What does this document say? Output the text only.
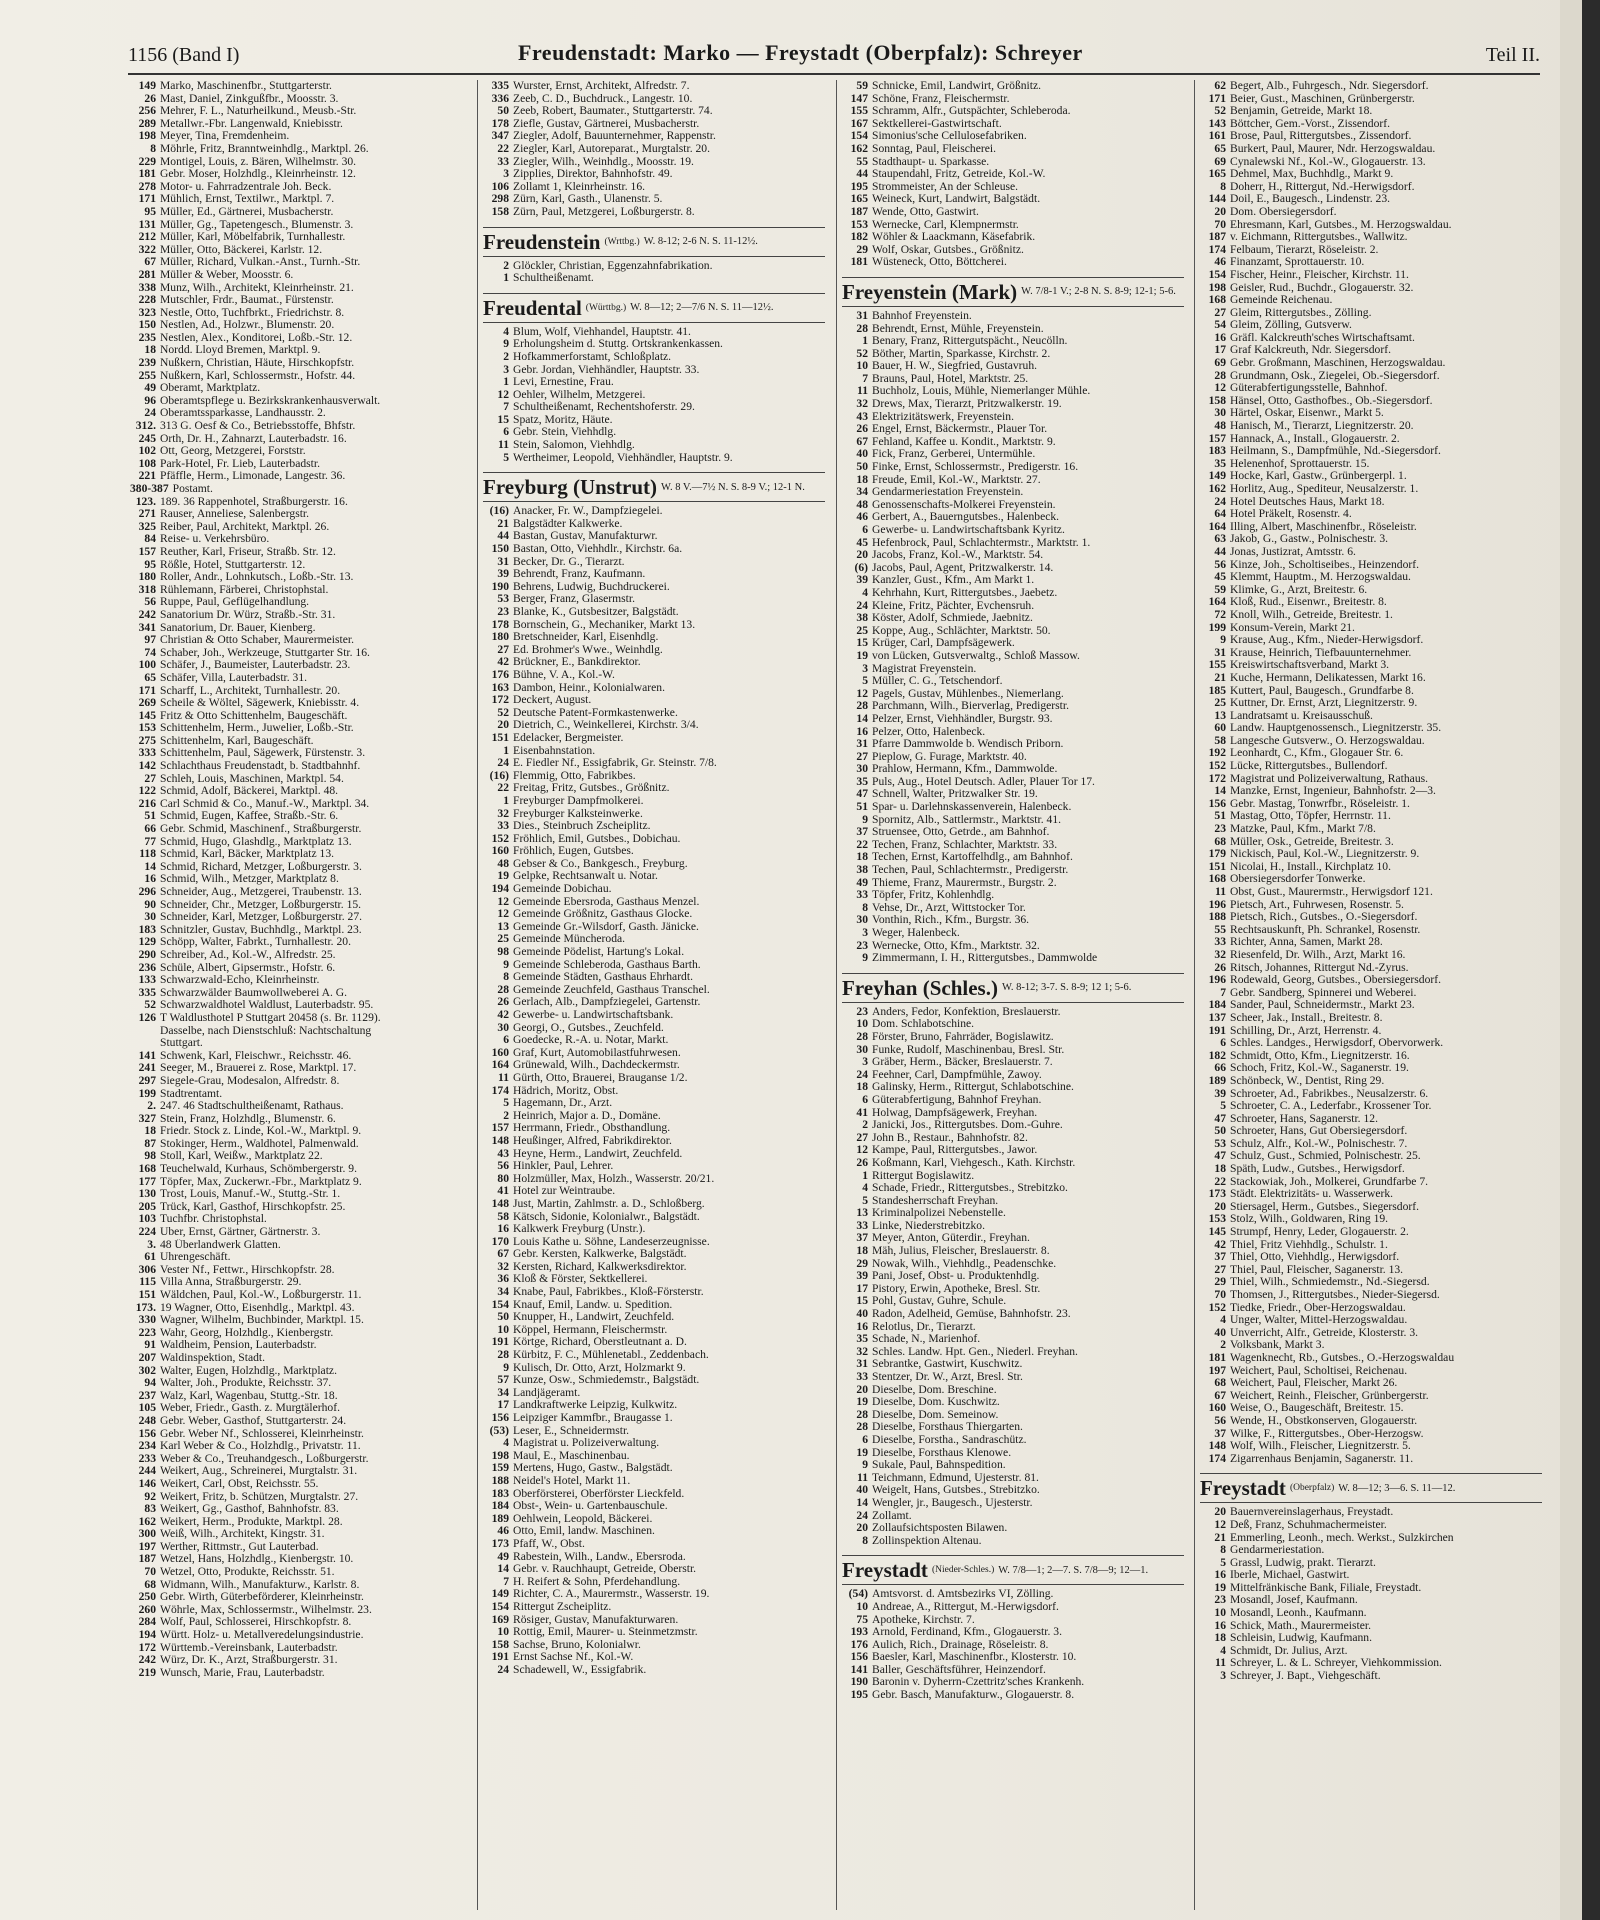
1156 (Band I)	Freudenstadt: Marko — Freystadt (Oberpfalz): Schreyer	Teil II.
149 Marko, Maschinenfbr., Stuttgarterstr.
26 Mast, Daniel, Zinkgußfbr., Moosstr. 3.
256 Mehrer, F. L., Naturheilkund., Meusb.-Str.
289 Metallwr.-Fbr. Langenwald, Kniebisstr.
198 Meyer, Tina, Fremdenheim.
8 Möhrle, Fritz, Branntweinhdlg., Marktpl. 26.
229 Montigel, Louis, z. Bären, Wilhelmstr. 30.
181 Gebr. Moser, Holzhdlg., Kleinrheinstr. 12.
278 Motor- u. Fahrradzentrale Joh. Beck.
171 Mühlich, Ernst, Textilwr., Marktpl. 7.
95 Müller, Ed., Gärtnerei, Musbacherstr.
131 Müller, Gg., Tapetengesch., Blumenstr. 3.
212 Müller, Karl, Möbelfabrik, Turnhallestr.
322 Müller, Otto, Bäckerei, Karlstr. 12.
67 Müller, Richard, Vulkan.-Anst., Turnh.-Str.
281 Müller & Weber, Moosstr. 6.
338 Munz, Wilh., Architekt, Kleinrheinstr. 21.
228 Mutschler, Frdr., Baumat., Fürstenstr.
323 Nestle, Otto, Tuchfbrkt., Friedrichstr. 8.
150 Nestlen, Ad., Holzwr., Blumenstr. 20.
235 Nestlen, Alex., Konditorei, Loßb.-Str. 12.
18 Nordd. Lloyd Bremen, Marktpl. 9.
239 Nußkern, Christian, Häute, Hirschkopfstr.
255 Nußkern, Karl, Schlossermstr., Hofstr. 44.
49 Oberamt, Marktplatz.
96 Oberamtspflege u. Bezirkskrankenhausverwalt.
24 Oberamtssparkasse, Landhausstr. 2.
312. 313 G. Oesf & Co., Betriebsstoffe, Bhfstr.
245 Orth, Dr. H., Zahnarzt, Lauterbadstr. 16.
102 Ott, Georg, Metzgerei, Forststr.
108 Park-Hotel, Fr. Lieb, Lauterbadstr.
221 Pfäffle, Herm., Limonade, Langestr. 36.
380-387 Postamt.
123. 189. 36 Rappenhotel, Straßburgerstr. 16.
271 Rauser, Anneliese, Salenbergstr.
325 Reiber, Paul, Architekt, Marktpl. 26.
84 Reise- u. Verkehrsbüro.
157 Reuther, Karl, Friseur, Straßb. Str. 12.
95 Rößle, Hotel, Stuttgarterstr. 12.
180 Roller, Andr., Lohnkutsch., Loßb.-Str. 13.
318 Rühlemann, Färberei, Christophstal.
56 Ruppe, Paul, Geflügelhandlung.
242 Sanatorium Dr. Würz, Straßb.-Str. 31.
341 Sanatorium, Dr. Bauer, Kienberg.
97 Christian & Otto Schaber, Maurermeister.
74 Schaber, Joh., Werkzeuge, Stuttgarter Str. 16.
100 Schäfer, J., Baumeister, Lauterbadstr. 23.
65 Schäfer, Villa, Lauterbadstr. 31.
171 Scharff, L., Architekt, Turnhallestr. 20.
269 Scheile & Wöltel, Sägewerk, Kniebisstr. 4.
145 Fritz & Otto Schittenhelm, Baugeschäft.
153 Schittenhelm, Herm., Juwelier, Loßb.-Str.
275 Schittenhelm, Karl, Baugeschäft.
333 Schittenhelm, Paul, Sägewerk, Fürstenstr. 3.
142 Schlachthaus Freudenstadt, b. Stadtbahnhf.
27 Schleh, Louis, Maschinen, Marktpl. 54.
122 Schmid, Adolf, Bäckerei, Marktpl. 48.
216 Carl Schmid & Co., Manuf.-W., Marktpl. 34.
51 Schmid, Eugen, Kaffee, Straßb.-Str. 6.
66 Gebr. Schmid, Maschinenf., Straßburgerstr.
77 Schmid, Hugo, Glashdlg., Marktplatz 13.
118 Schmid, Karl, Bäcker, Marktplatz 13.
14 Schmid, Richard, Metzger, Loßburgerstr. 3.
16 Schmid, Wilh., Metzger, Marktplatz 8.
296 Schneider, Aug., Metzgerei, Traubenstr. 13.
90 Schneider, Chr., Metzger, Loßburgerstr. 15.
30 Schneider, Karl, Metzger, Loßburgerstr. 27.
183 Schnitzler, Gustav, Buchhdlg., Marktpl. 23.
129 Schöpp, Walter, Fabrkt., Turnhallestr. 20.
290 Schreiber, Ad., Kol.-W., Alfredstr. 25.
236 Schüle, Albert, Gipsermstr., Hofstr. 6.
133 Schwarzwald-Echo, Kleinrheinstr.
335 Schwarzwälder Baumwollweberei A. G.
52 Schwarzwaldhotel Waldlust, Lauterbadstr. 95.
126 T Waldlusthotel P Stuttgart 20458 (s. Br. 1129).
Dasselbe, nach Dienstschluß: Nachtschaltung
Stuttgart.
141 Schwenk, Karl, Fleischwr., Reichsstr. 46.
241 Seeger, M., Brauerei z. Rose, Marktpl. 17.
297 Siegele-Grau, Modesalon, Alfredstr. 8.
199 Stadtrentamt.
2. 247. 46 Stadtschultheißenamt, Rathaus.
327 Stein, Franz, Holzhdlg., Blumenstr. 6.
18 Friedr. Stock z. Linde, Kol.-W., Marktpl. 9.
87 Stokinger, Herm., Waldhotel, Palmenwald.
98 Stoll, Karl, Weißw., Marktplatz 22.
168 Teuchelwald, Kurhaus, Schömbergerstr. 9.
177 Töpfer, Max, Zuckerwr.-Fbr., Marktplatz 9.
130 Trost, Louis, Manuf.-W., Stuttg.-Str. 1.
205 Trück, Karl, Gasthof, Hirschkopfstr. 25.
103 Tuchfbr. Christophstal.
224 Uber, Ernst, Gärtner, Gärtnerstr. 3.
3. 48 Überlandwerk Glatten.
61 Uhrengeschäft.
306 Vester Nf., Fettwr., Hirschkopfstr. 28.
115 Villa Anna, Straßburgerstr. 29.
151 Wäldchen, Paul, Kol.-W., Loßburgerstr. 11.
173. 19 Wagner, Otto, Eisenhdlg., Marktpl. 43.
330 Wagner, Wilhelm, Buchbinder, Marktpl. 15.
223 Wahr, Georg, Holzhdlg., Kienbergstr.
91 Waldheim, Pension, Lauterbadstr.
207 Waldinspektion, Stadt.
302 Walter, Eugen, Holzhdlg., Marktplatz.
94 Walter, Joh., Produkte, Reichsstr. 37.
237 Walz, Karl, Wagenbau, Stuttg.-Str. 18.
105 Weber, Friedr., Gasth. z. Murgtälerhof.
248 Gebr. Weber, Gasthof, Stuttgarterstr. 24.
156 Gebr. Weber Nf., Schlosserei, Kleinrheinstr.
234 Karl Weber & Co., Holzhdlg., Privatstr. 11.
233 Weber & Co., Treuhandgesch., Loßburgerstr.
244 Weikert, Aug., Schreinerei, Murgtalstr. 31.
146 Weikert, Carl, Obst, Reichsstr. 55.
92 Weikert, Fritz, b. Schützen, Murgtalstr. 27.
83 Weikert, Gg., Gasthof, Bahnhofstr. 83.
162 Weikert, Herm., Produkte, Marktpl. 28.
300 Weiß, Wilh., Architekt, Kingstr. 31.
197 Werther, Rittmstr., Gut Lauterbad.
187 Wetzel, Hans, Holzhdlg., Kienbergstr. 10.
70 Wetzel, Otto, Produkte, Reichsstr. 51.
68 Widmann, Wilh., Manufakturw., Karlstr. 8.
250 Gebr. Wirth, Güterbeförderer, Kleinrheinstr.
260 Wöhrle, Max, Schlossermstr., Wilhelmstr. 23.
284 Wolf, Paul, Schlosserei, Hirschkopfstr. 8.
194 Württ. Holz- u. Metallveredelungsindustrie.
172 Württemb.-Vereinsbank, Lauterbadstr.
242 Würz, Dr. K., Arzt, Straßburgerstr. 31.
219 Wunsch, Marie, Frau, Lauterbadstr.
335 Wurster, Ernst, Architekt, Alfredstr. 7.
336 Zeeb, C. D., Buchdruck., Langestr. 10.
50 Zeeb, Robert, Baumater., Stuttgarterstr. 74.
178 Ziefle, Gustav, Gärtnerei, Musbacherstr.
347 Ziegler, Adolf, Bauunternehmer, Rappenstr.
22 Ziegler, Karl, Autoreparat., Murgtalstr. 20.
33 Ziegler, Wilh., Weinhdlg., Moosstr. 19.
3 Zipplies, Direktor, Bahnhofstr. 49.
106 Zollamt 1, Kleinrheinstr. 16.
298 Zürn, Karl, Gasth., Ulanenstr. 5.
158 Zürn, Paul, Metzgerei, Loßburgerstr. 8.
Freudenstein (Wrttbg.) W. 8-12; 2-6 N. S. 11-12½.
2 Glöckler, Christian, Eggenzahnfabrikation.
1 Schultheißenamt.
Freudental (Württbg.) W. 8—12; 2—7/6 N. S. 11—12½.
4 Blum, Wolf, Viehhandel, Hauptstr. 41.
9 Erholungsheim d. Stuttg. Ortskrankenkassen.
2 Hofkammerforstamt, Schloßplatz.
3 Gebr. Jordan, Viehhändler, Hauptstr. 33.
1 Levi, Ernestine, Frau.
12 Oehler, Wilhelm, Metzgerei.
7 Schultheißenamt, Rechentshoferstr. 29.
15 Spatz, Moritz, Häute.
6 Gebr. Stein, Viehhdlg.
11 Stein, Salomon, Viehhdlg.
5 Wertheimer, Leopold, Viehhändler, Hauptstr. 9.
Freyburg (Unstrut) W. 8 V.—7½ N. S. 8-9 V.; 12-1 N.
(16) Anacker, Fr. W., Dampfziegelei.
21 Balgstädter Kalkwerke.
44 Bastan, Gustav, Manufakturwr.
150 Bastan, Otto, Viehhdlr., Kirchstr. 6a.
31 Becker, Dr. G., Tierarzt.
39 Behrendt, Franz, Kaufmann.
190 Behrens, Ludwig, Buchdruckerei.
53 Berger, Franz, Glasermstr.
23 Blanke, K., Gutsbesitzer, Balgstädt.
178 Bornschein, G., Mechaniker, Markt 13.
180 Bretschneider, Karl, Eisenhdlg.
27 Ed. Brohmer's Wwe., Weinhdlg.
42 Brückner, E., Bankdirektor.
176 Bühne, V. A., Kol.-W.
163 Dambon, Heinr., Kolonialwaren.
172 Deckert, August.
52 Deutsche Patent-Formkastenwerke.
20 Dietrich, C., Weinkellerei, Kirchstr. 3/4.
151 Edelacker, Bergmeister.
1 Eisenbahnstation.
24 E. Fiedler Nf., Essigfabrik, Gr. Steinstr. 7/8.
(16) Flemmig, Otto, Fabrikbes.
22 Freitag, Fritz, Gutsbes., Größnitz.
1 Freyburger Dampfmolkerei.
32 Freyburger Kalksteinwerke.
33 Dies., Steinbruch Zscheiplitz.
152 Fröhlich, Emil, Gutsbes., Dobichau.
160 Fröhlich, Eugen, Gutsbes.
48 Gebser & Co., Bankgesch., Freyburg.
19 Gelpke, Rechtsanwalt u. Notar.
194 Gemeinde Dobichau.
12 Gemeinde Ebersroda, Gasthaus Menzel.
12 Gemeinde Größnitz, Gasthaus Glocke.
13 Gemeinde Gr.-Wilsdorf, Gasth. Jänicke.
25 Gemeinde Müncheroda.
98 Gemeinde Pödelist, Hartung's Lokal.
9 Gemeinde Schleberoda, Gasthaus Barth.
8 Gemeinde Städten, Gasthaus Ehrhardt.
28 Gemeinde Zeuchfeld, Gasthaus Transchel.
26 Gerlach, Alb., Dampfziegelei, Gartenstr.
42 Gewerbe- u. Landwirtschaftsbank.
30 Georgi, O., Gutsbes., Zeuchfeld.
6 Goedecke, R.-A. u. Notar, Markt.
160 Graf, Kurt, Automobilastfuhrwesen.
164 Grünewald, Wilh., Dachdeckermstr.
11 Gürth, Otto, Brauerei, Brauganse 1/2.
174 Hädrich, Moritz, Obst.
5 Hagemann, Dr., Arzt.
2 Heinrich, Major a. D., Domäne.
157 Herrmann, Friedr., Obsthandlung.
148 Heußinger, Alfred, Fabrikdirektor.
43 Heyne, Herm., Landwirt, Zeuchfeld.
56 Hinkler, Paul, Lehrer.
80 Holzmüller, Max, Holzh., Wasserstr. 20/21.
41 Hotel zur Weintraube.
148 Just, Martin, Zahlmstr. a. D., Schloßberg.
58 Kätsch, Sidonie, Kolonialwr., Balgstädt.
16 Kalkwerk Freyburg (Unstr.).
170 Louis Kathe u. Söhne, Landeserzeugnisse.
67 Gebr. Kersten, Kalkwerke, Balgstädt.
32 Kersten, Richard, Kalkwerksdirektor.
36 Kloß & Förster, Sektkellerei.
34 Knabe, Paul, Fabrikbes., Kloß-Försterstr.
154 Knauf, Emil, Landw. u. Spedition.
50 Knupper, H., Landwirt, Zeuchfeld.
10 Köppel, Hermann, Fleischermstr.
191 Körtge, Richard, Oberstleutnant a. D.
28 Kürbitz, F. C., Mühlenetabl., Zeddenbach.
9 Kulisch, Dr. Otto, Arzt, Holzmarkt 9.
57 Kunze, Osw., Schmiedemstr., Balgstädt.
34 Landjägeramt.
17 Landkraftwerke Leipzig, Kulkwitz.
156 Leipziger Kammfbr., Braugasse 1.
(53) Leser, E., Schneidermstr.
4 Magistrat u. Polizeiverwaltung.
198 Maul, E., Maschinenbau.
159 Mertens, Hugo, Gastw., Balgstädt.
188 Neidel's Hotel, Markt 11.
183 Oberförsterei, Oberförster Lieckfeld.
184 Obst-, Wein- u. Gartenbauschule.
189 Oehlwein, Leopold, Bäckerei.
46 Otto, Emil, landw. Maschinen.
173 Pfaff, W., Obst.
49 Rabestein, Wilh., Landw., Ebersroda.
14 Gebr. v. Rauchhaupt, Getreide, Oberstr.
7 H. Reifert & Sohn, Pferdehandlung.
149 Richter, C. A., Maurermstr., Wasserstr. 19.
154 Rittergut Zscheiplitz.
169 Rösiger, Gustav, Manufakturwaren.
10 Rottig, Emil, Maurer- u. Steinmetzmstr.
158 Sachse, Bruno, Kolonialwr.
191 Ernst Sachse Nf., Kol.-W.
24 Schadewell, W., Essigfabrik.
59 Schnicke, Emil, Landwirt, Größnitz.
147 Schöne, Franz, Fleischermstr.
155 Schramm, Alfr., Gutspächter, Schleberoda.
167 Sektkellerei-Gastwirtschaft.
154 Simonius'sche Cellulosefabriken.
162 Sonntag, Paul, Fleischerei.
55 Stadthaupt- u. Sparkasse.
44 Staupendahl, Fritz, Getreide, Kol.-W.
195 Strommeister, An der Schleuse.
165 Weineck, Kurt, Landwirt, Balgstädt.
187 Wende, Otto, Gastwirt.
153 Wernecke, Carl, Klempnermstr.
182 Wöhler & Laackmann, Käsefabrik.
29 Wolf, Oskar, Gutsbes., Größnitz.
181 Wüsteneck, Otto, Böttcherei.
Freyenstein (Mark) W. 7/8-1 V.; 2-8 N. S. 8-9; 12-1; 5-6.
31 Bahnhof Freyenstein.
28 Behrendt, Ernst, Mühle, Freyenstein.
1 Benary, Franz, Rittergutspächt., Neucölln.
52 Böther, Martin, Sparkasse, Kirchstr. 2.
10 Bauer, H. W., Siegfried, Gustavruh.
7 Brauns, Paul, Hotel, Marktstr. 25.
11 Buchholz, Louis, Mühle, Niemerlanger Mühle.
32 Drews, Max, Tierarzt, Pritzwalkerstr. 19.
43 Elektrizitätswerk, Freyenstein.
26 Engel, Ernst, Bäckermstr., Plauer Tor.
67 Fehland, Kaffee u. Kondit., Marktstr. 9.
40 Fick, Franz, Gerberei, Untermühle.
50 Finke, Ernst, Schlossermstr., Predigerstr. 16.
18 Freude, Emil, Kol.-W., Marktstr. 27.
34 Gendarmeriestation Freyenstein.
48 Genossenschafts-Molkerei Freyenstein.
46 Gerbert, A., Bauerngutsbes., Halenbeck.
6 Gewerbe- u. Landwirtschaftsbank Kyritz.
45 Hefenbrock, Paul, Schlachtermstr., Marktstr. 1.
20 Jacobs, Franz, Kol.-W., Marktstr. 54.
(6) Jacobs, Paul, Agent, Pritzwalkerstr. 14.
39 Kanzler, Gust., Kfm., Am Markt 1.
4 Kehrhahn, Kurt, Rittergutsbes., Jaebetz.
24 Kleine, Fritz, Pächter, Evchensruh.
38 Köster, Adolf, Schmiede, Jaebnitz.
25 Koppe, Aug., Schlächter, Marktstr. 50.
15 Krüger, Carl, Dampfsägewerk.
19 von Lücken, Gutsverwaltg., Schloß Massow.
3 Magistrat Freyenstein.
5 Müller, C. G., Tetschendorf.
12 Pagels, Gustav, Mühlenbes., Niemerlang.
28 Parchmann, Wilh., Bierverlag, Predigerstr.
14 Pelzer, Ernst, Viehhändler, Burgstr. 93.
16 Pelzer, Otto, Halenbeck.
31 Pfarre Dammwolde b. Wendisch Priborn.
27 Pieplow, G. Furage, Marktstr. 40.
30 Prahlow, Hermann, Kfm., Dammwolde.
35 Puls, Aug., Hotel Deutsch. Adler, Plauer Tor 17.
47 Schnell, Walter, Pritzwalker Str. 19.
51 Spar- u. Darlehnskassenverein, Halenbeck.
9 Spornitz, Alb., Sattlermstr., Marktstr. 41.
37 Struensee, Otto, Getrde., am Bahnhof.
22 Techen, Franz, Schlachter, Marktstr. 33.
18 Techen, Ernst, Kartoffelhdlg., am Bahnhof.
38 Techen, Paul, Schlachtermstr., Predigerstr.
49 Thieme, Franz, Maurermstr., Burgstr. 2.
33 Töpfer, Fritz, Kohlenhdlg.
8 Vehse, Dr., Arzt, Wittstocker Tor.
30 Vonthin, Rich., Kfm., Burgstr. 36.
3 Weger, Halenbeck.
23 Wernecke, Otto, Kfm., Marktstr. 32.
9 Zimmermann, I. H., Rittergutsbes., Dammwolde
Freyhan (Schles.) W. 8-12; 3-7. S. 8-9; 12 1; 5-6.
23 Anders, Fedor, Konfektion, Breslauerstr.
10 Dom. Schlabotschine.
28 Förster, Bruno, Fahrräder, Bogislawitz.
30 Funke, Rudolf, Maschinenbau, Bresl. Str.
3 Gräber, Herm., Bäcker, Breslauerstr. 7.
24 Feehner, Carl, Dampfmühle, Zawoy.
18 Galinsky, Herm., Rittergut, Schlabotschine.
6 Güterabfertigung, Bahnhof Freyhan.
41 Holwag, Dampfsägewerk, Freyhan.
2 Janicki, Jos., Rittergutsbes. Dom.-Guhre.
27 John B., Restaur., Bahnhofstr. 82.
12 Kampe, Paul, Rittergutsbes., Jawor.
26 Koßmann, Karl, Viehgesch., Kath. Kirchstr.
1 Rittergut Bogislawitz.
4 Schade, Friedr., Rittergutsbes., Strebitzko.
5 Standesherrschaft Freyhan.
13 Kriminalpolizei Nebenstelle.
33 Linke, Niederstrebitzko.
37 Meyer, Anton, Güterdir., Freyhan.
18 Mäh, Julius, Fleischer, Breslauerstr. 8.
29 Nowak, Wilh., Viehhdlg., Peadenschke.
39 Pani, Josef, Obst- u. Produktenhdlg.
17 Pistory, Erwin, Apotheke, Bresl. Str.
15 Pohl, Gustav, Guhre, Schule.
40 Radon, Adelheid, Gemüse, Bahnhofstr. 23.
16 Relotlus, Dr., Tierarzt.
35 Schade, N., Marienhof.
32 Schles. Landw. Hpt. Gen., Niederl. Freyhan.
31 Sebrantke, Gastwirt, Kuschwitz.
33 Stentzer, Dr. W., Arzt, Bresl. Str.
20 Dieselbe, Dom. Breschine.
19 Dieselbe, Dom. Kuschwitz.
28 Dieselbe, Dom. Semeinow.
28 Dieselbe, Forsthaus Thiergarten.
6 Dieselbe, Forstha., Sandraschütz.
19 Dieselbe, Forsthaus Klenowe.
9 Sukale, Paul, Bahnspedition.
11 Teichmann, Edmund, Ujesterstr. 81.
40 Weigelt, Hans, Gutsbes., Strebitzko.
14 Wengler, jr., Baugesch., Ujesterstr.
24 Zollamt.
20 Zollaufsichtsposten Bilawen.
8 Zollinspektion Altenau.
Freystadt (Nieder-Schles.) W. 7/8—1; 2—7. S. 7/8—9; 12—1.
(54) Amtsvorst. d. Amtsbezirks VI, Zölling.
10 Andreae, A., Rittergut, M.-Herwigsdorf.
75 Apotheke, Kirchstr. 7.
193 Arnold, Ferdinand, Kfm., Glogauerstr. 3.
176 Aulich, Rich., Drainage, Röseleistr. 8.
156 Baesler, Karl, Maschinenfbr., Klosterstr. 10.
141 Baller, Geschäftsführer, Heinzendorf.
190 Baronin v. Dyherrn-Czettritz'sches Krankenh.
195 Gebr. Basch, Manufakturw., Glogauerstr. 8.
62 Begert, Alb., Fuhrgesch., Ndr. Siegersdorf.
171 Beier, Gust., Maschinen, Grünbergerstr.
52 Benjamin, Getreide, Markt 18.
143 Böttcher, Gem.-Vorst., Zissendorf.
161 Brose, Paul, Rittergutsbes., Zissendorf.
65 Burkert, Paul, Maurer, Ndr. Herzogswaldau.
69 Cynalewski Nf., Kol.-W., Glogauerstr. 13.
165 Dehmel, Max, Buchhdlg., Markt 9.
8 Doherr, H., Rittergut, Nd.-Herwigsdorf.
144 Doil, E., Baugesch., Lindenstr. 23.
20 Dom. Obersiegersdorf.
70 Ehresmann, Karl, Gutsbes., M. Herzogswaldau.
187 v. Eichmann, Rittergutsbes., Wallwitz.
174 Felbaum, Tierarzt, Röseleistr. 2.
46 Finanzamt, Sprottauerstr. 10.
154 Fischer, Heinr., Fleischer, Kirchstr. 11.
198 Geisler, Rud., Buchdr., Glogauerstr. 32.
168 Gemeinde Reichenau.
27 Gleim, Rittergutsbes., Zölling.
54 Gleim, Zölling, Gutsverw.
16 Gräfl. Kalckreuth'sches Wirtschaftsamt.
17 Graf Kalckreuth, Ndr. Siegersdorf.
69 Gebr. Großmann, Maschinen, Herzogswaldau.
28 Grundmann, Osk., Ziegelei, Ob.-Siegersdorf.
12 Güterabfertigungsstelle, Bahnhof.
158 Hänsel, Otto, Gasthofbes., Ob.-Siegersdorf.
30 Härtel, Oskar, Eisenwr., Markt 5.
48 Hanisch, M., Tierarzt, Liegnitzerstr. 20.
157 Hannack, A., Install., Glogauerstr. 2.
183 Heilmann, S., Dampfmühle, Nd.-Siegersdorf.
35 Helenenhof, Sprottauerstr. 15.
149 Hocke, Karl, Gastw., Grünbergerpl. 1.
162 Horlitz, Aug., Spediteur, Neusalzerstr. 1.
24 Hotel Deutsches Haus, Markt 18.
64 Hotel Präkelt, Rosenstr. 4.
164 Illing, Albert, Maschinenfbr., Röseleistr.
63 Jakob, G., Gastw., Polnischestr. 3.
44 Jonas, Justizrat, Amtsstr. 6.
56 Kinze, Joh., Scholtiseibes., Heinzendorf.
45 Klemmt, Hauptm., M. Herzogswaldau.
59 Klimke, G., Arzt, Breitestr. 6.
164 Kloß, Rud., Eisenwr., Breitestr. 8.
72 Knoll, Wilh., Getreide, Breitestr. 1.
199 Konsum-Verein, Markt 21.
9 Krause, Aug., Kfm., Nieder-Herwigsdorf.
31 Krause, Heinrich, Tiefbauunternehmer.
155 Kreiswirtschaftsverband, Markt 3.
21 Kuche, Hermann, Delikatessen, Markt 16.
185 Kuttert, Paul, Baugesch., Grundfarbe 8.
25 Kuttner, Dr. Ernst, Arzt, Liegnitzerstr. 9.
13 Landratsamt u. Kreisausschuß.
60 Landw. Hauptgenossensch., Liegnitzerstr. 35.
58 Langesche Gutsverw., O. Herzogswaldau.
192 Leonhardt, C., Kfm., Glogauer Str. 6.
152 Lücke, Rittergutsbes., Bullendorf.
172 Magistrat und Polizeiverwaltung, Rathaus.
14 Manzke, Ernst, Ingenieur, Bahnhofstr. 2—3.
156 Gebr. Mastag, Tonwrfbr., Röseleistr. 1.
51 Mastag, Otto, Töpfer, Herrnstr. 11.
23 Matzke, Paul, Kfm., Markt 7/8.
68 Müller, Osk., Getreide, Breitestr. 3.
179 Nickisch, Paul, Kol.-W., Liegnitzerstr. 9.
151 Nicolai, H., Install., Kirchplatz 10.
168 Obersiegersdorfer Tonwerke.
11 Obst, Gust., Maurermstr., Herwigsdorf 121.
196 Pietsch, Art., Fuhrwesen, Rosenstr. 5.
188 Pietsch, Rich., Gutsbes., O.-Siegersdorf.
55 Rechtsauskunft, Ph. Schrankel, Rosenstr.
33 Richter, Anna, Samen, Markt 28.
32 Riesenfeld, Dr. Wilh., Arzt, Markt 16.
26 Ritsch, Johannes, Rittergut Nd.-Zyrus.
196 Rodewald, Georg, Gutsbes., Obersiegersdorf.
7 Gebr. Sandberg, Spinnerei und Weberei.
184 Sander, Paul, Schneidermstr., Markt 23.
137 Scheer, Jak., Install., Breitestr. 8.
191 Schilling, Dr., Arzt, Herrenstr. 4.
6 Schles. Landges., Herwigsdorf, Obervorwerk.
182 Schmidt, Otto, Kfm., Liegnitzerstr. 16.
66 Schoch, Fritz, Kol.-W., Saganerstr. 19.
189 Schönbeck, W., Dentist, Ring 29.
39 Schroeter, Ad., Fabrikbes., Neusalzerstr. 6.
5 Schroeter, C. A., Lederfabr., Krossener Tor.
47 Schroeter, Hans, Saganerstr. 12.
50 Schroeter, Hans, Gut Obersiegersdorf.
53 Schulz, Alfr., Kol.-W., Polnischestr. 7.
47 Schulz, Gust., Schmied, Polnischestr. 25.
18 Späth, Ludw., Gutsbes., Herwigsdorf.
22 Stackowiak, Joh., Molkerei, Grundfarbe 7.
173 Städt. Elektrizitäts- u. Wasserwerk.
20 Stiersagel, Herm., Gutsbes., Siegersdorf.
153 Stolz, Wilh., Goldwaren, Ring 19.
145 Strumpf, Henry, Leder, Glogauerstr. 2.
42 Thiel, Fritz Viehhdlg., Schulstr. 1.
37 Thiel, Otto, Viehhdlg., Herwigsdorf.
27 Thiel, Paul, Fleischer, Saganerstr. 13.
29 Thiel, Wilh., Schmiedemstr., Nd.-Siegersd.
70 Thomsen, J., Rittergutsbes., Nieder-Siegersd.
152 Tiedke, Friedr., Ober-Herzogswaldau.
4 Unger, Walter, Mittel-Herzogswaldau.
40 Unverricht, Alfr., Getreide, Klosterstr. 3.
2 Volksbank, Markt 3.
181 Wagenknecht, Rb., Gutsbes., O.-Herzogswaldau
197 Weichert, Paul, Scholtisei, Reichenau.
68 Weichert, Paul, Fleischer, Markt 26.
67 Weichert, Reinh., Fleischer, Grünbergerstr.
160 Weise, O., Baugeschäft, Breitestr. 15.
56 Wende, H., Obstkonserven, Glogauerstr.
37 Wilke, F., Rittergutsbes., Ober-Herzogsw.
148 Wolf, Wilh., Fleischer, Liegnitzerstr. 5.
174 Zigarrenhaus Benjamin, Saganerstr. 11.
Freystadt (Oberpfalz) W. 8—12; 3—6. S. 11—12.
20 Bauernvereinslagerhaus, Freystadt.
12 Deß, Franz, Schuhmachermeister.
21 Emmerling, Leonh., mech. Werkst., Sulzkirchen
8 Gendarmeriestation.
5 Grassl, Ludwig, prakt. Tierarzt.
16 Iberle, Michael, Gastwirt.
19 Mittelfränkische Bank, Filiale, Freystadt.
23 Mosandl, Josef, Kaufmann.
10 Mosandl, Leonh., Kaufmann.
16 Schick, Math., Maurermeister.
18 Schleisin, Ludwig, Kaufmann.
4 Schmidt, Dr. Julius, Arzt.
11 Schreyer, L. & L. Schreyer, Viehkommission.
3 Schreyer, J. Bapt., Viehgeschäft.
